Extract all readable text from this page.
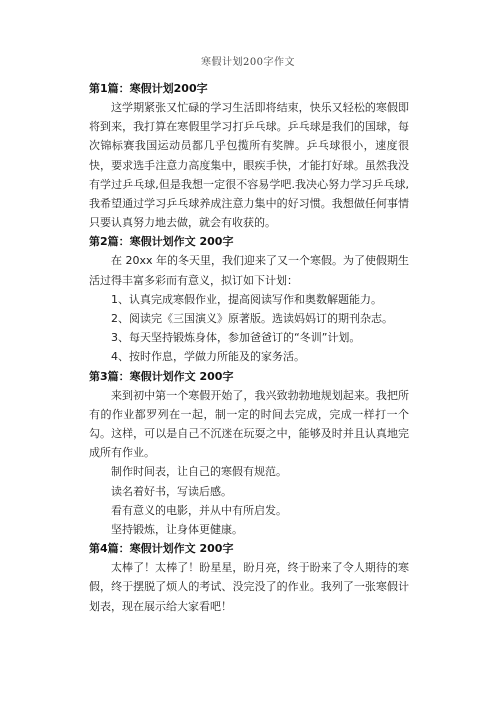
寒假计划200字作文

第1篇：寒假计划200字

这学期紧张又忙碌的学习生活即将结束，快乐又轻松的寒假即将到来，我打算在寒假里学习打乒乓球。乒乓球是我们的国球，每次锦标赛我国运动员都几乎包揽所有奖牌。乒乓球很小，速度很快，要求选手注意力高度集中，眼疾手快，才能打好球。虽然我没有学过乒乓球,但是我想一定很不容易学吧.我决心努力学习乒乓球,我希望通过学习乒乓球养成注意力集中的好习惯。我想做任何事情只要认真努力地去做，就会有收获的。

第2篇：寒假计划作文 200字

在 20xx 年的冬天里，我们迎来了又一个寒假。为了使假期生活过得丰富多彩而有意义，拟订如下计划：

1、认真完成寒假作业，提高阅读写作和奥数解题能力。

2、阅读完《三国演义》原著版。选读妈妈订的期刊杂志。

3、每天坚持锻炼身体，参加爸爸订的“冬训”计划。

4、按时作息，学做力所能及的家务活。

第3篇：寒假计划作文 200字

来到初中第一个寒假开始了，我兴致勃勃地规划起来。我把所有的作业都罗列在一起，制一定的时间去完成，完成一样打一个勾。这样，可以是自己不沉迷在玩耍之中，能够及时并且认真地完成所有作业。

制作时间表，让自己的寒假有规范。

读名着好书，写读后感。

看有意义的电影，并从中有所启发。

坚持锻炼，让身体更健康。

第4篇：寒假计划作文 200字

太棒了！太棒了！盼星星，盼月亮，终于盼来了令人期待的寒假，终于摆脱了烦人的考试、没完没了的作业。我列了一张寒假计划表，现在展示给大家看吧！
